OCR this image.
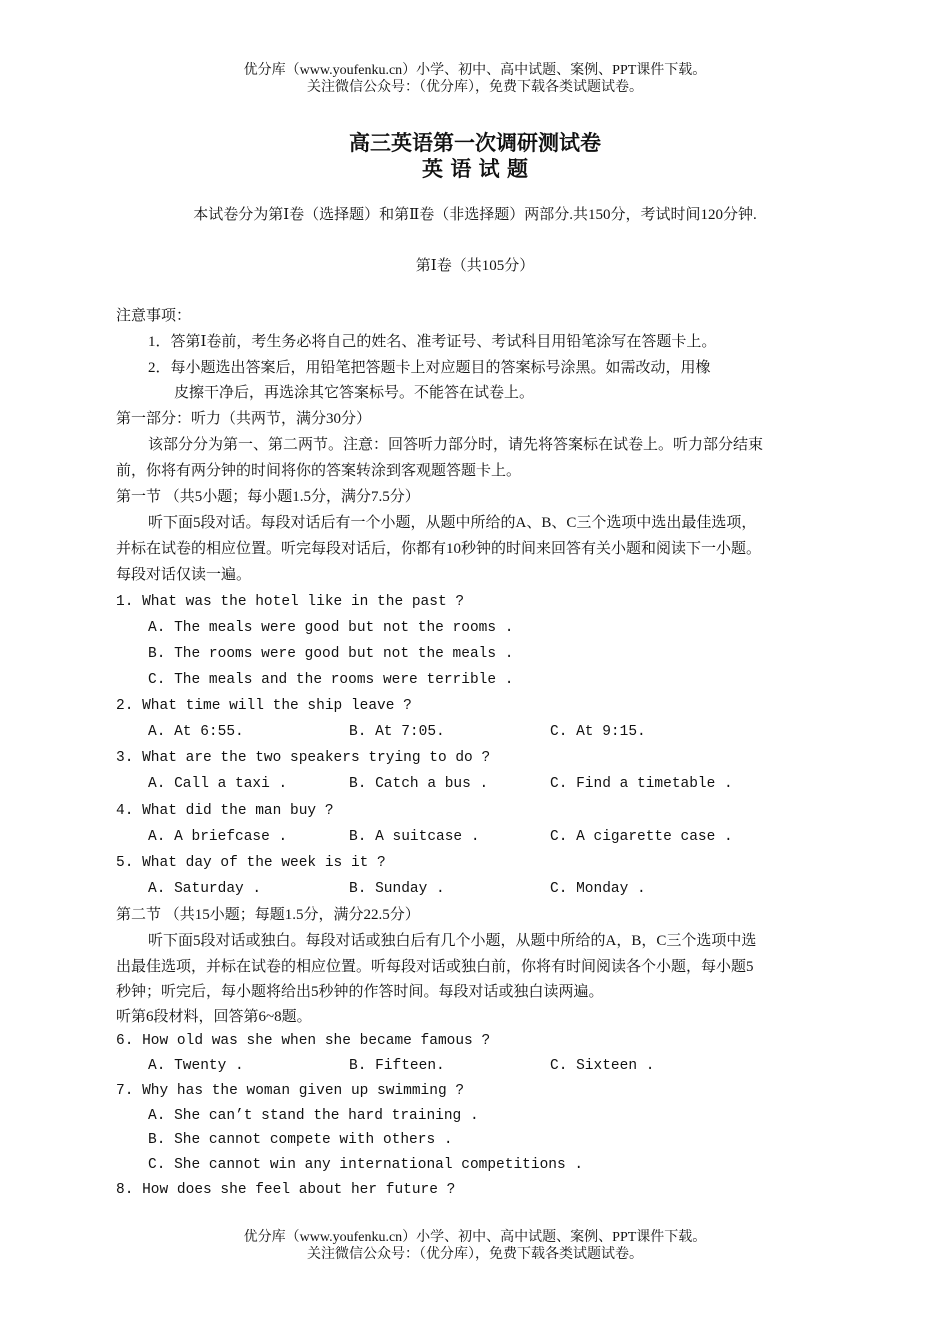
优分库（www.youfenku.cn）小学、初中、高中试题、案例、PPT课件下载。
关注微信公众号：（优分库），免费下载各类试题试卷。
高三英语第一次调研测试卷
英 语 试 题
本试卷分为第Ⅰ卷（选择题）和第Ⅱ卷（非选择题）两部分.共150分，考试时间120分钟.
第Ⅰ卷（共105分）
注意事项：
1．答第Ⅰ卷前，考生务必将自己的姓名、准考证号、考试科目用铅笔涂写在答题卡上。
2．每小题选出答案后，用铅笔把答题卡上对应题目的答案标号涂黑。如需改动，用橡
皮擦干净后，再选涂其它答案标号。不能答在试卷上。
第一部分：听力（共两节，满分30分）
该部分分为第一、第二两节。注意：回答听力部分时，请先将答案标在试卷上。听力部分结束
前，你将有两分钟的时间将你的答案转涂到客观题答题卡上。
第一节 （共5小题；每小题1.5分，满分7.5分）
听下面5段对话。每段对话后有一个小题，从题中所给的A、B、C三个选项中选出最佳选项，
并标在试卷的相应位置。听完每段对话后，你都有10秒钟的时间来回答有关小题和阅读下一小题。
每段对话仅读一遍。
1. What was the hotel like in the past ?
A. The meals were good but not the rooms .
B. The rooms were good but not the meals .
C. The meals and the rooms were terrible .
2. What time will the ship leave ?
A. At 6:55.	B. At 7:05.	C. At 9:15.
3. What are the two speakers trying to do ?
A. Call a taxi .	B. Catch a bus .	C. Find a timetable .
4. What did the man buy ?
A. A briefcase .	B. A suitcase .	C. A cigarette case .
5. What day of the week is it ?
A. Saturday .	B. Sunday .	C. Monday .
第二节 （共15小题；每题1.5分，满分22.5分）
听下面5段对话或独白。每段对话或独白后有几个小题，从题中所给的A，B，C三个选项中选
出最佳选项，并标在试卷的相应位置。听每段对话或独白前，你将有时间阅读各个小题，每小题5
秒钟；听完后，每小题将给出5秒钟的作答时间。每段对话或独白读两遍。
听第6段材料，回答第6~8题。
6. How old was she when she became famous ?
A. Twenty .	B. Fifteen.	C. Sixteen .
7. Why has the woman given up swimming ?
A. She can’t stand the hard training .
B. She cannot compete with others .
C. She cannot win any international competitions .
8. How does she feel about her future ?
优分库（www.youfenku.cn）小学、初中、高中试题、案例、PPT课件下载。
关注微信公众号：（优分库），免费下载各类试题试卷。
